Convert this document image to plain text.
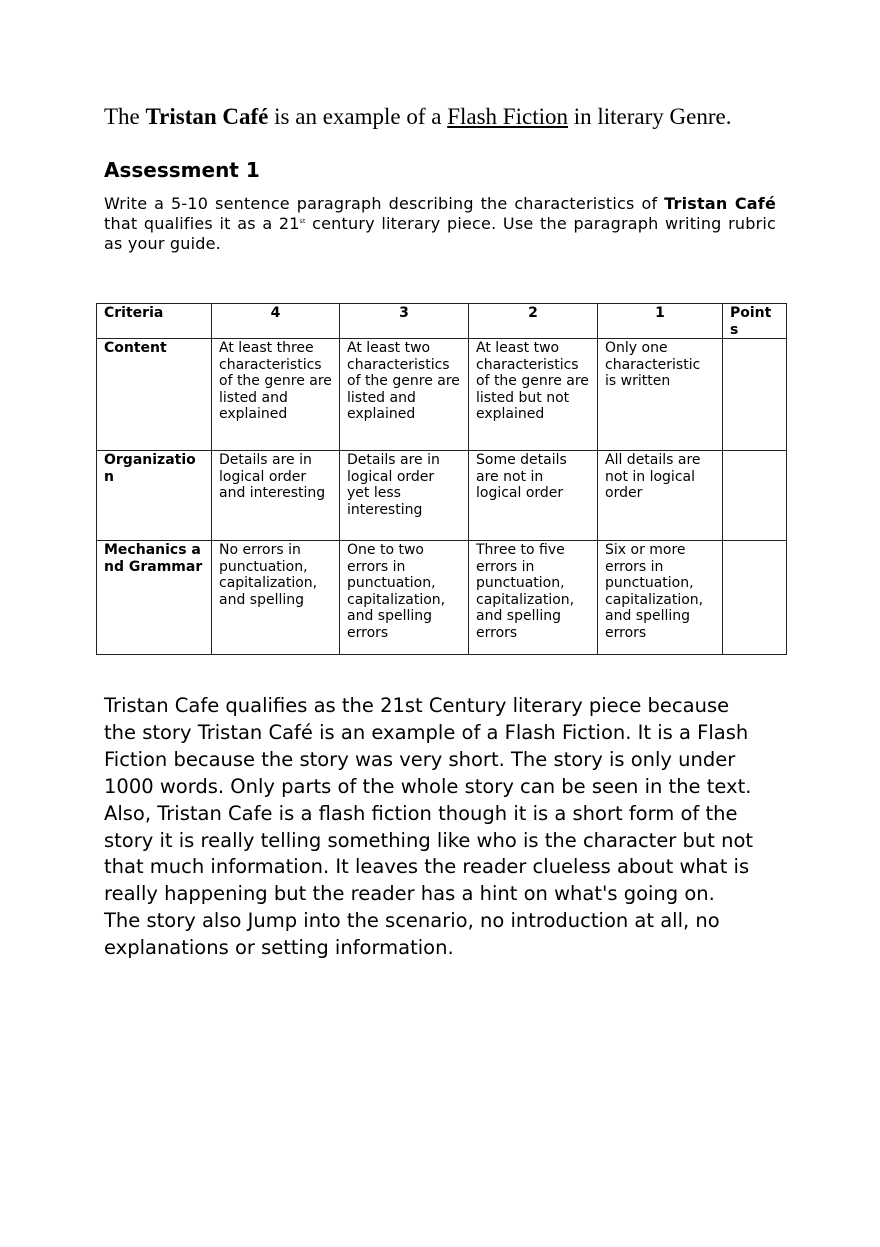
The Tristan Café is an example of a Flash Fiction in literary Genre.
Assessment 1
Write a 5-10 sentence paragraph describing the characteristics of Tristan Café that qualifies it as a 21st century literary piece. Use the paragraph writing rubric as your guide.
Criteria	4	3	2	1	Points
Content	At least three characteristics of the genre are listed and explained	At least two characteristics of the genre are listed and explained	At least two characteristics of the genre are listed but not explained	Only one characteristic is written	
Organization	Details are in logical order and interesting	Details are in logical order yet less interesting	Some details are not in logical order	All details are not in logical order	
Mechanics and Grammar	No errors in punctuation, capitalization, and spelling	One to two errors in punctuation, capitalization, and spelling errors	Three to five errors in punctuation, capitalization, and spelling errors	Six or more errors in punctuation, capitalization, and spelling errors	
Tristan Cafe qualifies as the 21st Century literary piece because
the story Tristan Café is an example of a Flash Fiction. It is a Flash
Fiction because the story was very short. The story is only under
1000 words. Only parts of the whole story can be seen in the text.
Also, Tristan Cafe is a flash fiction though it is a short form of the
story it is really telling something like who is the character but not
that much information. It leaves the reader clueless about what is
really happening but the reader has a hint on what's going on.
The story also Jump into the scenario, no introduction at all, no
explanations or setting information.
